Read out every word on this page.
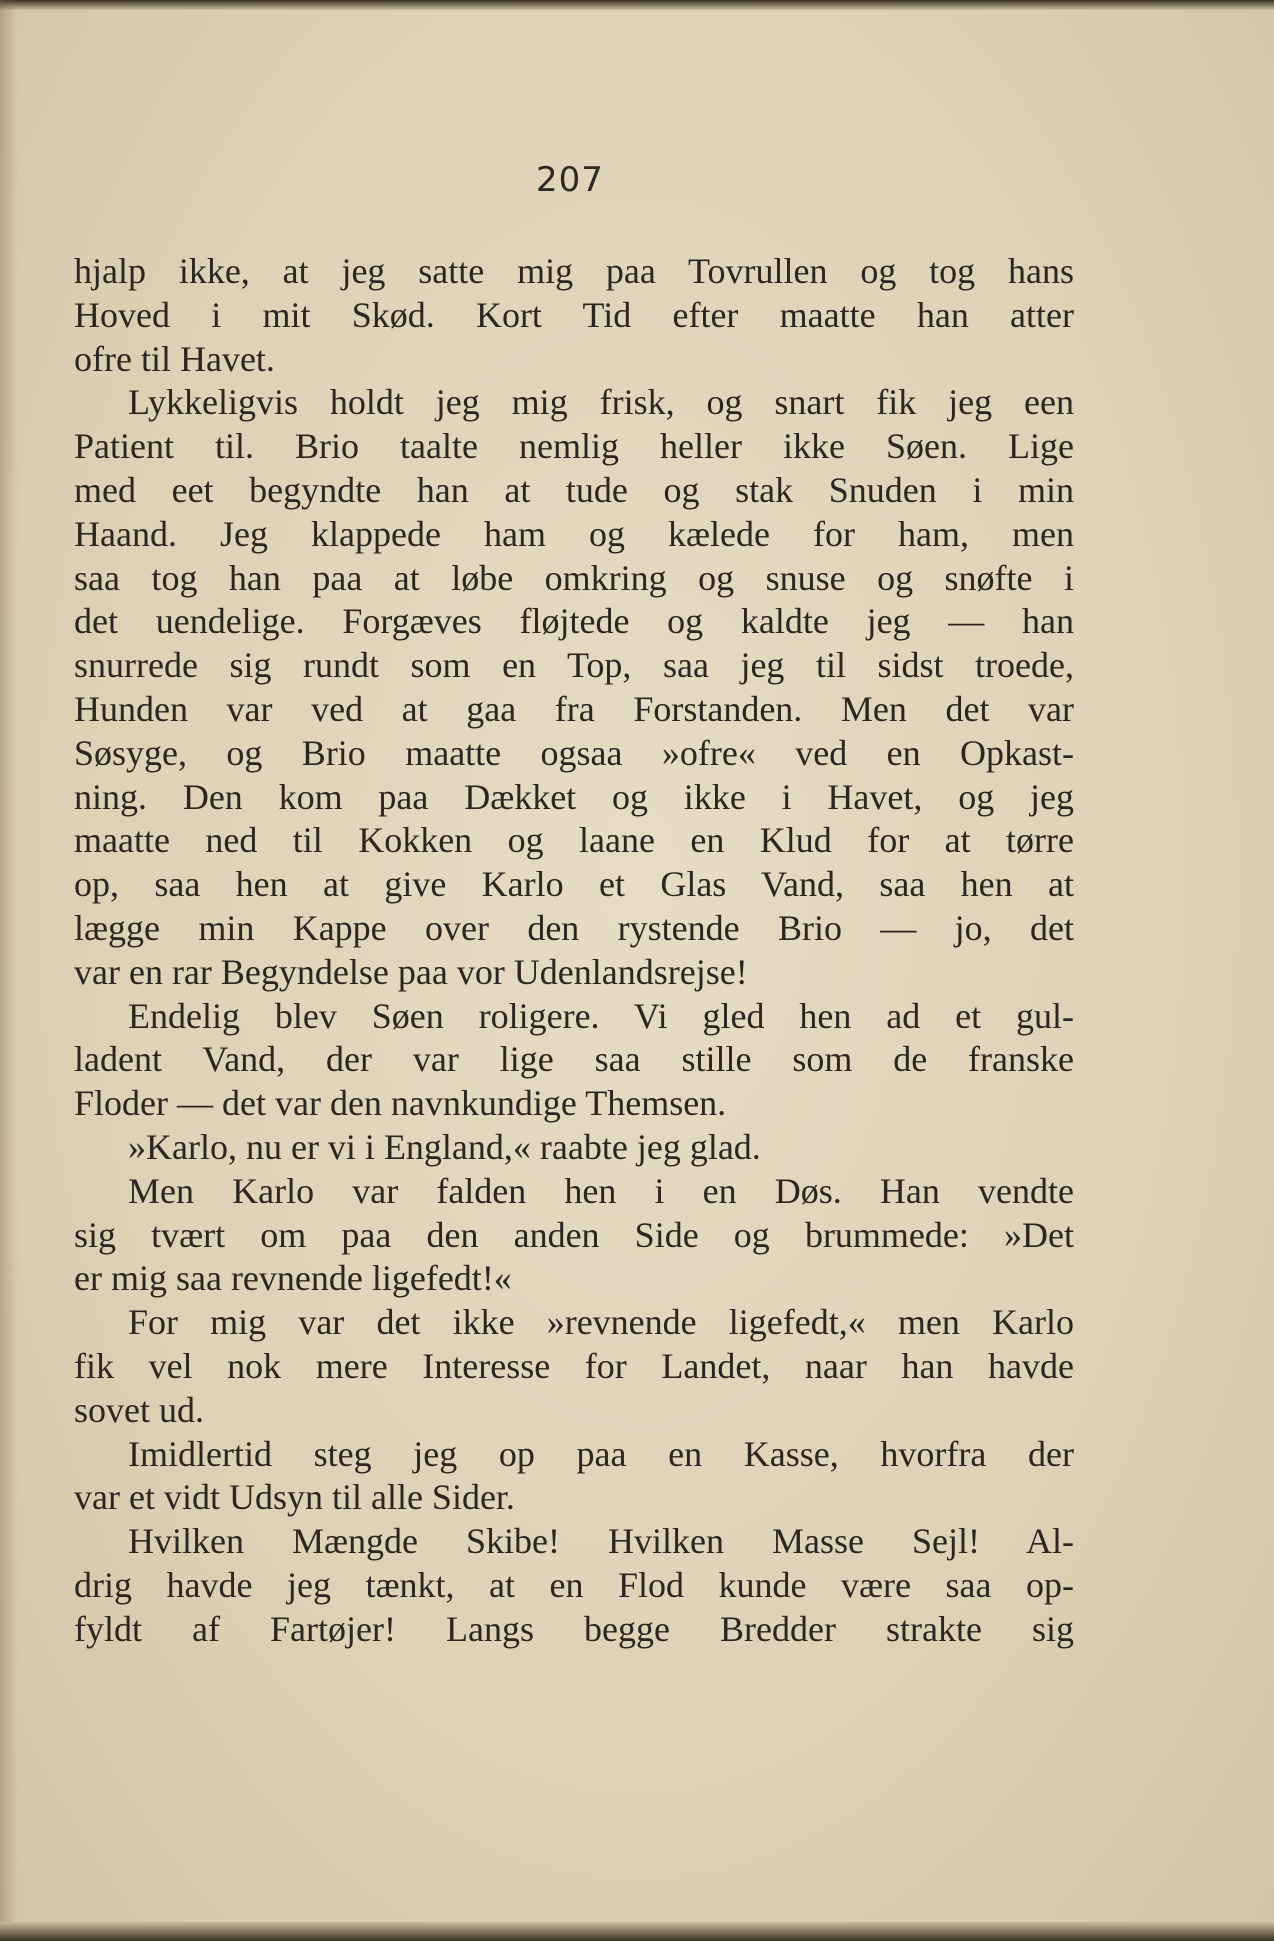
207
hjalp ikke, at jeg satte mig paa Tovrullen og tog hans
Hoved i mit Skød. Kort Tid efter maatte han atter
ofre til Havet.
Lykkeligvis holdt jeg mig frisk, og snart fik jeg een
Patient til. Brio taalte nemlig heller ikke Søen. Lige
med eet begyndte han at tude og stak Snuden i min
Haand. Jeg klappede ham og kælede for ham, men
saa tog han paa at løbe omkring og snuse og snøfte i
det uendelige. Forgæves fløjtede og kaldte jeg — han
snurrede sig rundt som en Top, saa jeg til sidst troede,
Hunden var ved at gaa fra Forstanden. Men det var
Søsyge, og Brio maatte ogsaa »ofre« ved en Opkast-
ning. Den kom paa Dækket og ikke i Havet, og jeg
maatte ned til Kokken og laane en Klud for at tørre
op, saa hen at give Karlo et Glas Vand, saa hen at
lægge min Kappe over den rystende Brio — jo, det
var en rar Begyndelse paa vor Udenlandsrejse!
Endelig blev Søen roligere. Vi gled hen ad et gul-
ladent Vand, der var lige saa stille som de franske
Floder — det var den navnkundige Themsen.
»Karlo, nu er vi i England,« raabte jeg glad.
Men Karlo var falden hen i en Døs. Han vendte
sig tvært om paa den anden Side og brummede: »Det
er mig saa revnende ligefedt!«
For mig var det ikke »revnende ligefedt,« men Karlo
fik vel nok mere Interesse for Landet, naar han havde
sovet ud.
Imidlertid steg jeg op paa en Kasse, hvorfra der
var et vidt Udsyn til alle Sider.
Hvilken Mængde Skibe! Hvilken Masse Sejl! Al-
drig havde jeg tænkt, at en Flod kunde være saa op-
fyldt af Fartøjer! Langs begge Bredder strakte sig
